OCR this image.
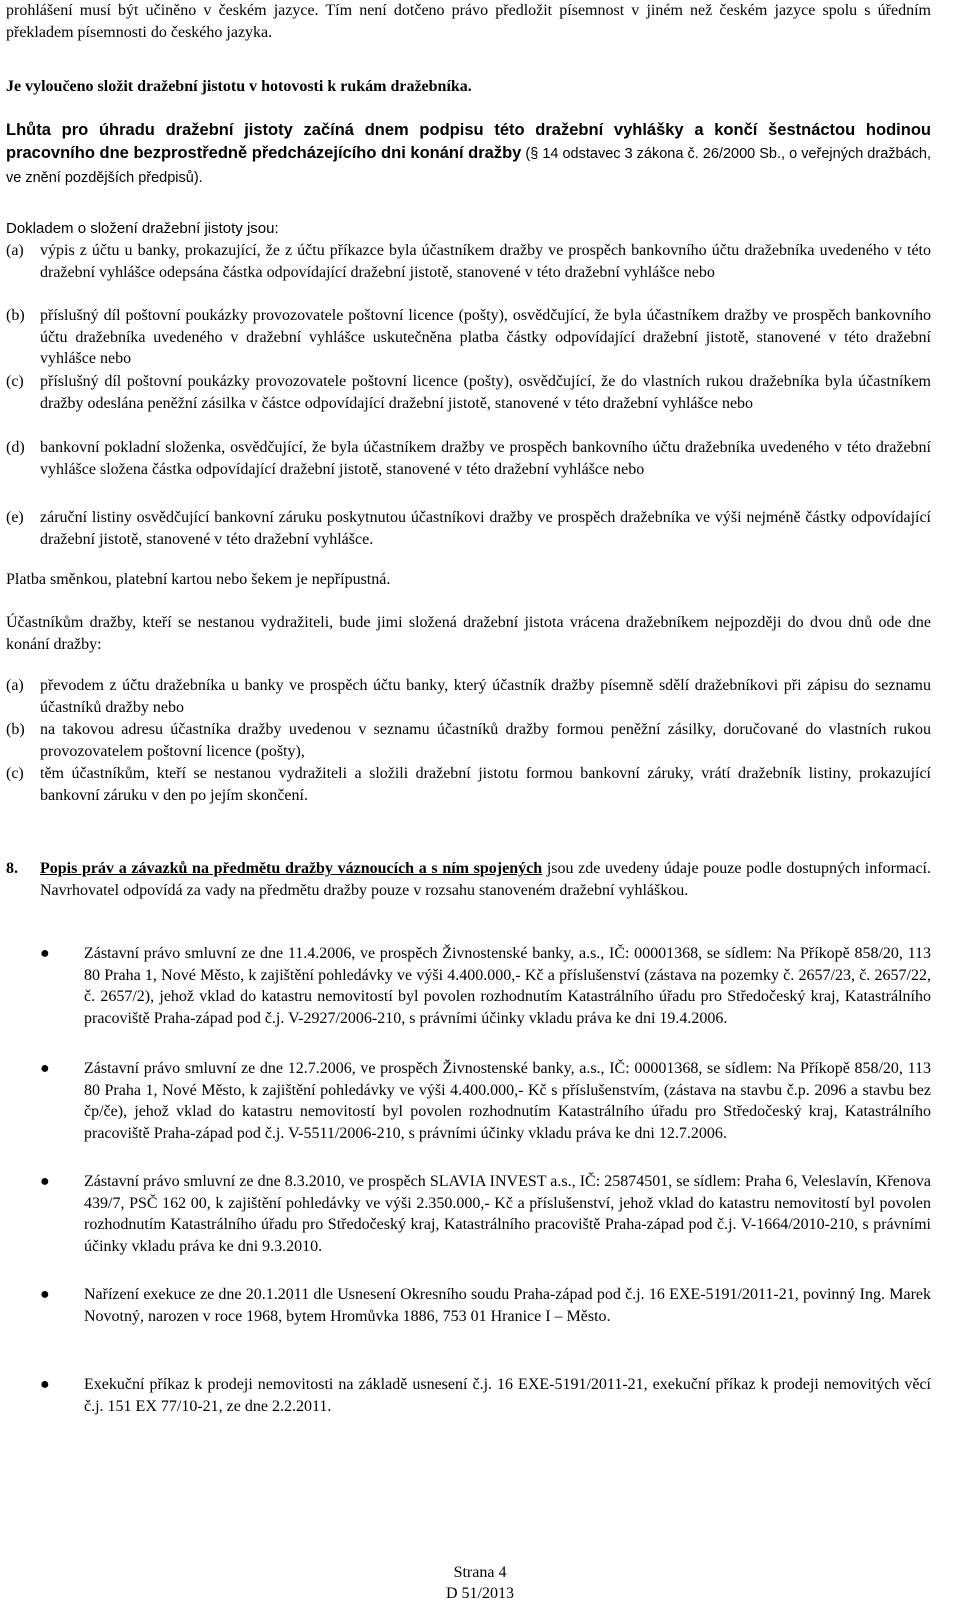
prohlášení musí být učiněno v českém jazyce. Tím není dotčeno právo předložit písemnost v jiném než českém jazyce spolu s úředním překladem písemnosti do českého jazyka.
Je vyloučeno složit dražební jistotu v hotovosti k rukám dražebníka.
Lhůta pro úhradu dražební jistoty začíná dnem podpisu této dražební vyhlášky a končí šestnáctou hodinou pracovního dne bezprostředně předcházejícího dni konání dražby (§ 14 odstavec 3 zákona č. 26/2000 Sb., o veřejných dražbách, ve znění pozdějších předpisů).
Dokladem o složení dražební jistoty jsou:
(a)	výpis z účtu u banky, prokazující, že z účtu příkazce byla účastníkem dražby ve prospěch bankovního účtu dražebníka uvedeného v této dražební vyhlášce odepsána částka odpovídající dražební jistotě, stanovené v této dražební vyhlášce nebo
(b) příslušný díl poštovní poukázky provozovatele poštovní licence (pošty), osvědčující, že byla účastníkem dražby ve prospěch bankovního účtu dražebníka uvedeného v dražební vyhlášce uskutečněna platba částky odpovídající dražební jistotě, stanovené v této dražební vyhlášce nebo
(c)	příslušný díl poštovní poukázky provozovatele poštovní licence (pošty), osvědčující, že do vlastních rukou dražebníka byla účastníkem dražby odeslána peněžní zásilka v částce odpovídající dražební jistotě, stanovené v této dražební vyhlášce nebo
(d) bankovní pokladní složenka, osvědčující, že byla účastníkem dražby ve prospěch bankovního účtu dražebníka uvedeného v této dražební vyhlášce složena částka odpovídající dražební jistotě, stanovené v této dražební vyhlášce nebo
(e)	záruční listiny osvědčující bankovní záruku poskytnutou účastníkovi dražby ve prospěch dražebníka ve výši nejméně částky odpovídající dražební jistotě, stanovené v této dražební vyhlášce.
Platba směnkou, platební kartou nebo šekem je nepřípustná.
Účastníkům dražby, kteří se nestanou vydražiteli, bude jimi složená dražební jistota vrácena dražebníkem nejpozději do dvou dnů ode dne konání dražby:
(a)	převodem z účtu dražebníka u banky ve prospěch účtu banky, který účastník dražby písemně sdělí dražebníkovi při zápisu do seznamu účastníků dražby nebo
(b) na takovou adresu účastníka dražby uvedenou v seznamu účastníků dražby formou peněžní zásilky, doručované do vlastních rukou provozovatelem poštovní licence (pošty),
(c)	těm účastníkům, kteří se nestanou vydražiteli a složili dražební jistotu formou bankovní záruky, vrátí dražebník listiny, prokazující bankovní záruku v den po jejím skončení.
8. Popis práv a závazků na předmětu dražby váznoucích a s ním spojených jsou zde uvedeny údaje pouze podle dostupných informací. Navrhovatel odpovídá za vady na předmětu dražby pouze v rozsahu stanoveném dražební vyhláškou.
● Zástavní právo smluvní ze dne 11.4.2006, ve prospěch Živnostenské banky, a.s., IČ: 00001368, se sídlem: Na Příkopě 858/20, 113 80 Praha 1, Nové Město, k zajištění pohledávky ve výši 4.400.000,- Kč a příslušenství (zástava na pozemky č. 2657/23, č. 2657/22, č. 2657/2), jehož vklad do katastru nemovitostí byl povolen rozhodnutím Katastrálního úřadu pro Středočeský kraj, Katastrálního pracoviště Praha-západ pod č.j. V-2927/2006-210, s právními účinky vkladu práva ke dni 19.4.2006.
● Zástavní právo smluvní ze dne 12.7.2006, ve prospěch Živnostenské banky, a.s., IČ: 00001368, se sídlem: Na Příkopě 858/20, 113 80 Praha 1, Nové Město, k zajištění pohledávky ve výši 4.400.000,- Kč s příslušenstvím, (zástava na stavbu č.p. 2096 a stavbu bez čp/če), jehož vklad do katastru nemovitostí byl povolen rozhodnutím Katastrálního úřadu pro Středočeský kraj, Katastrálního pracoviště Praha-západ pod č.j. V-5511/2006-210, s právními účinky vkladu práva ke dni 12.7.2006.
● Zástavní právo smluvní ze dne 8.3.2010, ve prospěch SLAVIA INVEST a.s., IČ: 25874501, se sídlem: Praha 6, Veleslavín, Křenova 439/7, PSČ 162 00, k zajištění pohledávky ve výši 2.350.000,- Kč a příslušenství, jehož vklad do katastru nemovitostí byl povolen rozhodnutím Katastrálního úřadu pro Středočeský kraj, Katastrálního pracoviště Praha-západ pod č.j. V-1664/2010-210, s právními účinky vkladu práva ke dni 9.3.2010.
● Nařízení exekuce ze dne 20.1.2011 dle Usnesení Okresního soudu Praha-západ pod č.j. 16 EXE-5191/2011-21, povinný Ing. Marek Novotný, narozen v roce 1968, bytem Hromůvka 1886, 753 01 Hranice I – Město.
● Exekuční příkaz k prodeji nemovitosti na základě usnesení č.j. 16 EXE-5191/2011-21, exekuční příkaz k prodeji nemovitých věcí č.j. 151 EX 77/10-21, ze dne 2.2.2011.
Strana 4
D 51/2013
